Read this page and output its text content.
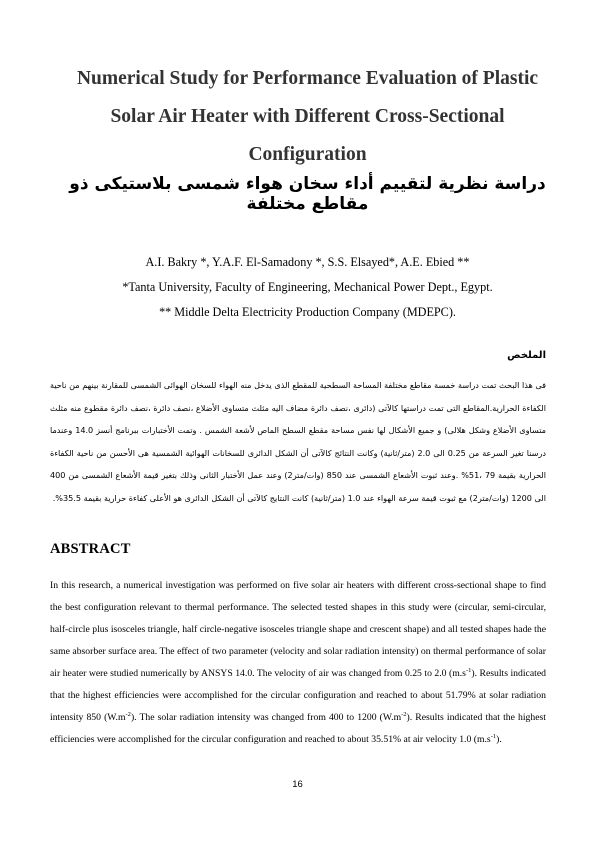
Numerical Study for Performance Evaluation of Plastic
Solar Air Heater with Different Cross-Sectional
Configuration
دراسة نظرية لتقييم أداء سخان هواء شمسى بلاستيكى ذو مقاطع مختلفة
A.I. Bakry *, Y.A.F. El-Samadony *, S.S. Elsayed*, A.E. Ebied **
*Tanta University, Faculty of Engineering, Mechanical Power Dept., Egypt.
** Middle Delta Electricity Production Company (MDEPC).
الملخص
فى هذا البحث تمت دراسة خمسة مقاطع مختلفة المساحة السطحية للمقطع الذى يدخل منه الهواء للسخان الهوائى الشمسى للمقارنة بينهم من ناحية الكفاءة الحرارية.المقاطع التى تمت دراستها كالآتى (دائرى ،نصف دائرة مضاف اليه مثلث متساوى الأضلاع ،نصف دائرة ،نصف دائرة مقطوع منه مثلث متساوى الأضلاع وشكل هلالى) و جميع الأشكال لها نفس مساحة مقطع السطح الماص لأشعة الشمس . وتمت الأختبارات ببرنامج أنسز 14.0 وعندما درسنا تغير السرعة من 0.25 الى 2.0 (متر/ثانية) وكانت النتائج كالآتى أن الشكل الدائرى للسخانات الهوائية الشمسية هى الأحسن من ناحية الكفاءة الحرارية بقيمة 79 ،51% .وعند ثبوت الأشعاع الشمسى عند 850 (وات/متر2) وعند عمل الأختبار الثانى وذلك بتغير قيمة الأشعاع الشمسى من 400 الى 1200 (وات/متر2) مع ثبوت قيمة سرعة الهواء عند 1.0 (متر/ثانية) كانت النتايج كالآتى أن الشكل الدائرى هو الأعلى كفاءة حرارية بقيمة 35.5%.
ABSTRACT

In this research, a numerical investigation was performed on five solar air heaters with different cross-sectional shape to find the best configuration relevant to thermal performance. The selected tested shapes in this study were (circular, semi-circular, half-circle plus isosceles triangle, half circle-negative isosceles triangle shape and crescent shape) and all tested shapes hade the same absorber surface area. The effect of two parameter (velocity and solar radiation intensity) on thermal performance of solar air heater were studied numerically by ANSYS 14.0. The velocity of air was changed from 0.25 to 2.0 $(m.s^{-1})$. Results indicated that the highest efficiencies were accomplished for the circular configuration and reached to about 51.79% at solar radiation intensity 850 $(W.m^{-2})$. The solar radiation intensity was changed from 400 to 1200 $(W.m^{-2})$. Results indicated that the highest efficiencies were accomplished for the circular configuration and reached to about 35.51% at air velocity 1.0 $(m.s^{-1})$.

16
